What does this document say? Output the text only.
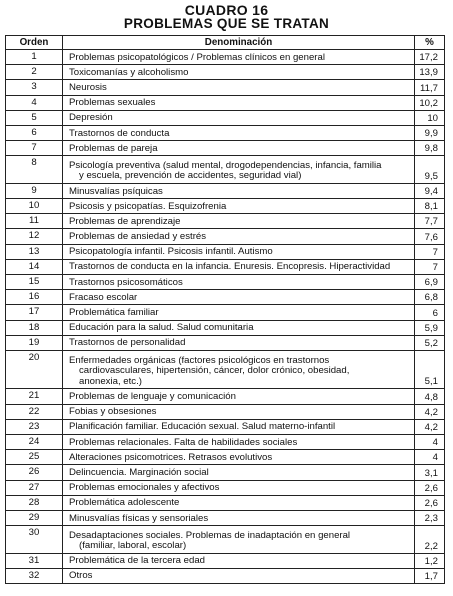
CUADRO 16
PROBLEMAS QUE SE TRATAN
Orden	Denominación	%
1	Problemas psicopatológicos / Problemas clínicos en general	17,2
2	Toxicomanías y alcoholismo	13,9
3	Neurosis	11,7
4	Problemas sexuales	10,2
5	Depresión	10
6	Trastornos de conducta	9,9
7	Problemas de pareja	9,8
8	Psicología preventiva (salud mental, drogodependencias, infancia, familia
y escuela, prevención de accidentes, seguridad vial)	9,5
9	Minusvalías psíquicas	9,4
10	Psicosis y psicopatías. Esquizofrenia	8,1
11	Problemas de aprendizaje	7,7
12	Problemas de ansiedad y estrés	7,6
13	Psicopatología infantil. Psicosis infantil. Autismo	7
14	Trastornos de conducta en la infancia. Enuresis. Encopresis. Hiperactividad	7
15	Trastornos psicosomáticos	6,9
16	Fracaso escolar	6,8
17	Problemática familiar	6
18	Educación para la salud. Salud comunitaria	5,9
19	Trastornos de personalidad	5,2
20	Enfermedades orgánicas (factores psicológicos en trastornos
cardiovasculares, hipertensión, cáncer, dolor crónico, obesidad,
anonexia, etc.)	5,1
21	Problemas de lenguaje y comunicación	4,8
22	Fobias y obsesiones	4,2
23	Planificación familiar. Educación sexual. Salud materno-infantil	4,2
24	Problemas relacionales. Falta de habilidades sociales	4
25	Alteraciones psicomotrices. Retrasos evolutivos	4
26	Delincuencia. Marginación social	3,1
27	Problemas emocionales y afectivos	2,6
28	Problemática adolescente	2,6
29	Minusvalías físicas y sensoriales	2,3
30	Desadaptaciones sociales. Problemas de inadaptación en general
(familiar, laboral, escolar)	2,2
31	Problemática de la tercera edad	1,2
32	Otros	1,7
